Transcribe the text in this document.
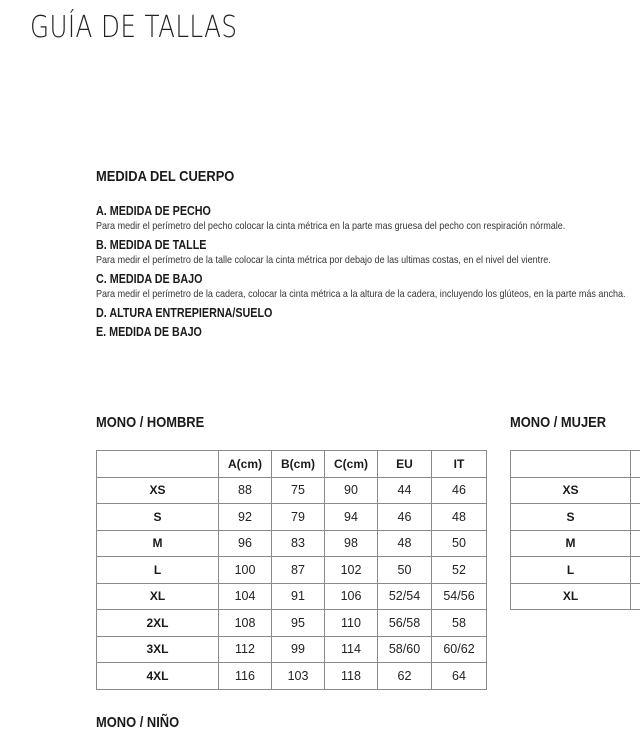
GUÍA DE TALLAS
MEDIDA DEL CUERPO
A. MEDIDA DE PECHO
Para medir el perímetro del pecho colocar la cinta métrica en la parte mas gruesa del pecho con respiración nórmale.
B. MEDIDA DE TALLE
Para medir el perímetro de la talle colocar la cinta métrica por debajo de las ultimas costas, en el nivel del vientre.
C. MEDIDA DE BAJO
Para medir el perímetro de la cadera, colocar la cinta métrica a la altura de la cadera, incluyendo los glúteos, en la parte más ancha.
D. ALTURA ENTREPIERNA/SUELO
E. MEDIDA DE BAJO
MONO / HOMBRE
	A(cm)	B(cm)	C(cm)	EU	IT
XS	88	75	90	44	46
S	92	79	94	46	48
M	96	83	98	48	50
L	100	87	102	50	52
XL	104	91	106	52/54	54/56
2XL	108	95	110	56/58	58
3XL	112	99	114	58/60	60/62
4XL	116	103	118	62	64
MONO / MUJER

XS	
S	
M	
L	
XL	
MONO / NIÑO
